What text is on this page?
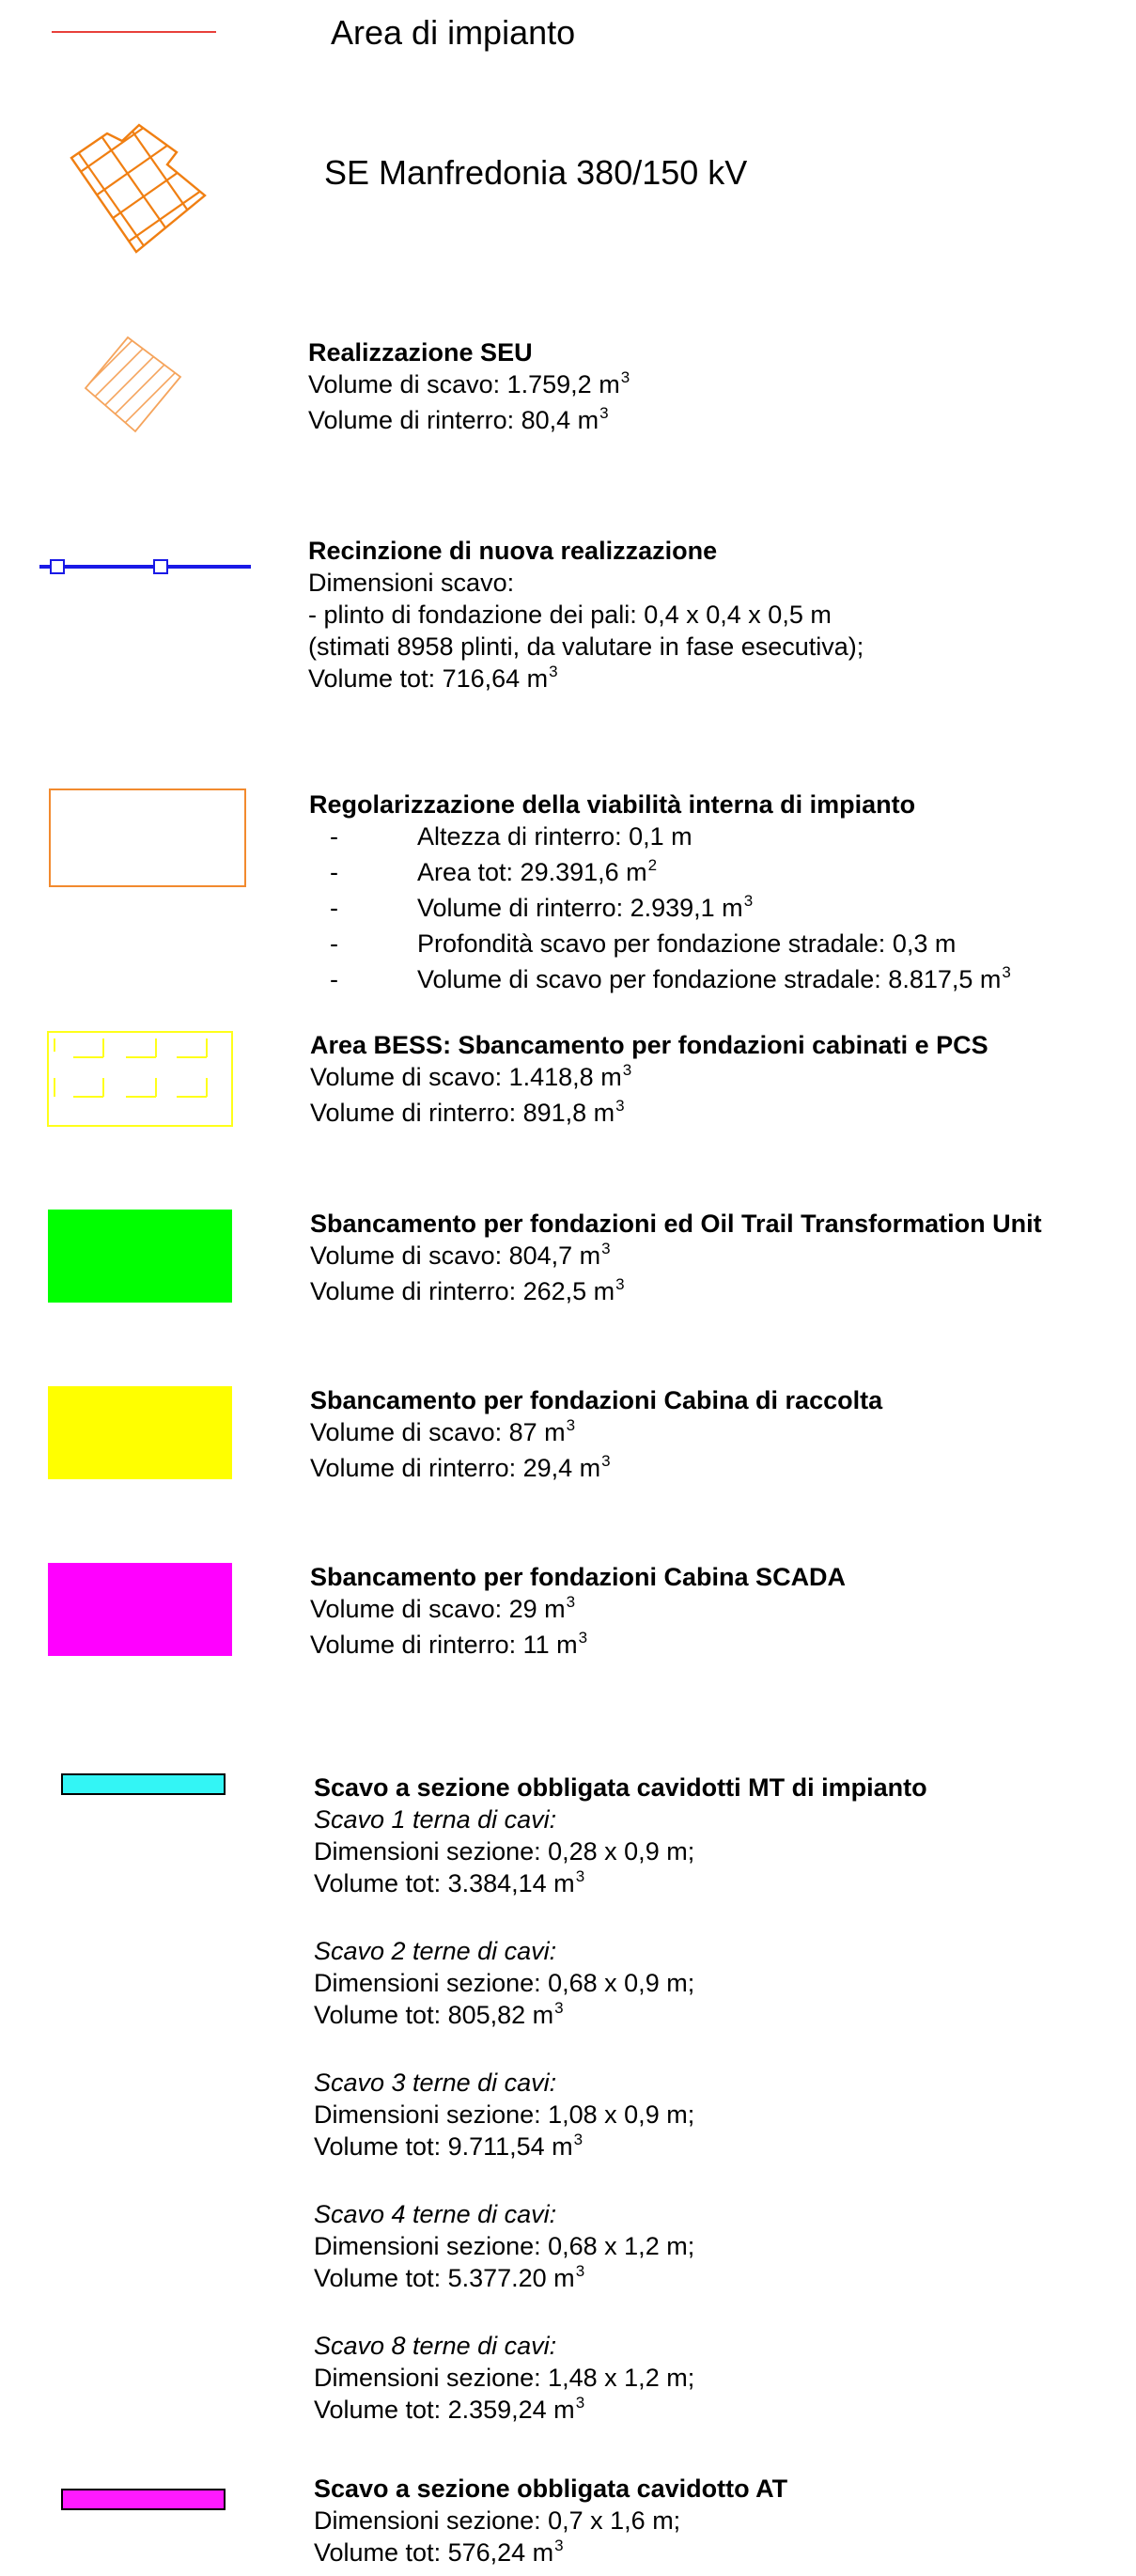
Area di impianto
SE Manfredonia 380/150 kV
Realizzazione SEU
Volume di scavo: 1.759,2 $m^3$
Volume di rinterro: 80,4 $m^3$
Recinzione di nuova realizzazione
Dimensioni scavo:
- plinto di fondazione dei pali: 0,4 x 0,4 x 0,5 m
(stimati 8958 plinti, da valutare in fase esecutiva);
Volume tot: 716,64 $m^3$
Regolarizzazione della viabilità interna di impianto
-	Altezza di rinterro: 0,1 m
-	Area tot: 29.391,6 $m^2$
-	Volume di rinterro: 2.939,1 $m^3$
-	Profondità scavo per fondazione stradale: 0,3 m
-	Volume di scavo per fondazione stradale: 8.817,5 $m^3$
Area BESS: Sbancamento per fondazioni cabinati e PCS
Volume di scavo: 1.418,8 $m^3$
Volume di rinterro: 891,8 $m^3$
Sbancamento per fondazioni ed Oil Trail Transformation Unit
Volume di scavo: 804,7 $m^3$
Volume di rinterro: 262,5 $m^3$
Sbancamento per fondazioni Cabina di raccolta
Volume di scavo: 87 $m^3$
Volume di rinterro: 29,4 $m^3$
Sbancamento per fondazioni Cabina SCADA
Volume di scavo: 29 $m^3$
Volume di rinterro: 11 $m^3$
Scavo a sezione obbligata cavidotti MT di impianto
Scavo 1 terna di cavi:
Dimensioni sezione: 0,28 x 0,9 m;
Volume tot: 3.384,14 $m^3$
Scavo 2 terne di cavi:
Dimensioni sezione: 0,68 x 0,9 m;
Volume tot: 805,82 $m^3$
Scavo 3 terne di cavi:
Dimensioni sezione: 1,08 x 0,9 m;
Volume tot: 9.711,54 $m^3$
Scavo 4 terne di cavi:
Dimensioni sezione: 0,68 x 1,2 m;
Volume tot: 5.377.20 $m^3$
Scavo 8 terne di cavi:
Dimensioni sezione: 1,48 x 1,2 m;
Volume tot: 2.359,24 $m^3$
Scavo a sezione obbligata cavidotto AT
Dimensioni sezione: 0,7 x 1,6 m;
Volume tot: 576,24 $m^3$
